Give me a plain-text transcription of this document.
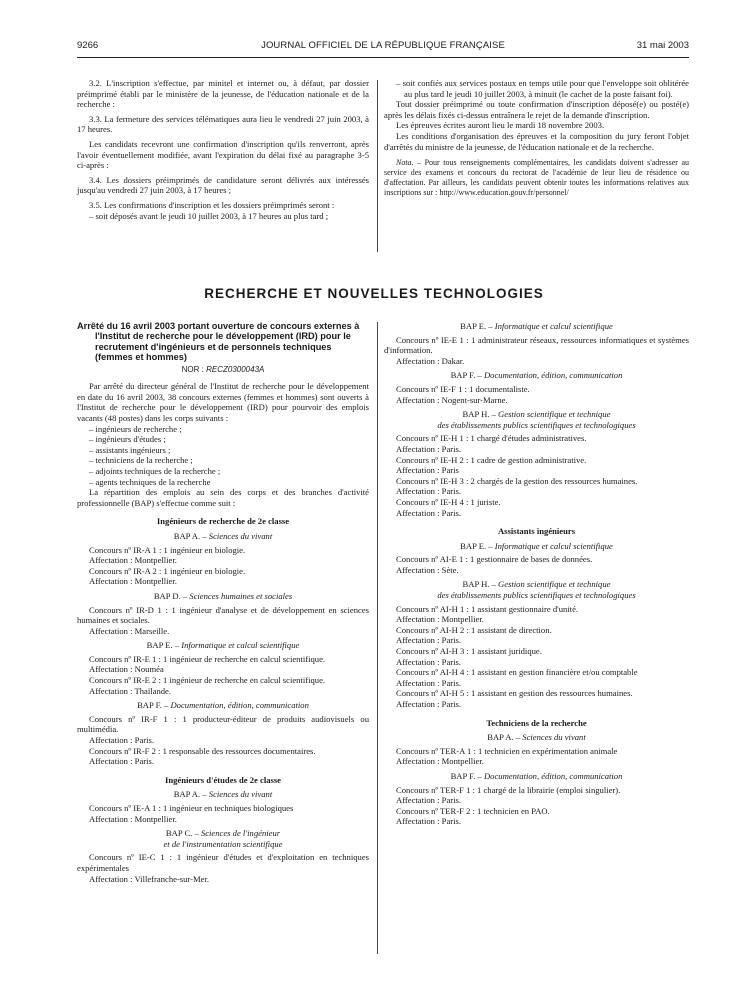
JOURNAL OFFICIEL DE LA RÉPUBLIQUE FRANÇAISE
9266	31 mai 2003

3.2. L'inscription s'effectue, par minitel et internet ou, à défaut, par dossier préimprimé établi par le ministère de la jeunesse, de l'éducation nationale et de la recherche :

3.3. La fermeture des services télématiques aura lieu le vendredi 27 juin 2003, à 17 heures.

Les candidats recevront une confirmation d'inscription qu'ils renverront, après l'avoir éventuellement modifiée, avant l'expiration du délai fixé au paragraphe 3-5 ci-après :

3.4. Les dossiers préimprimés de candidature seront délivrés aux intéressés jusqu'au vendredi 27 juin 2003, à 17 heures ;

3.5. Les confirmations d'inscription et les dossiers préimprimés seront :

– soit déposés avant le jeudi 10 juillet 2003, à 17 heures au plus tard ;

– soit confiés aux services postaux en temps utile pour que l'enveloppe soit oblitérée au plus tard le jeudi 10 juillet 2003, à minuit (le cachet de la poste faisant foi).

Tout dossier préimprimé ou toute confirmation d'inscription déposé(e) ou posté(e) après les délais fixés ci-dessus entraînera le rejet de la demande d'inscription.

Les épreuves écrites auront lieu le mardi 18 novembre 2003.

Les conditions d'organisation des épreuves et la composition du jury feront l'objet d'arrêtés du ministre de la jeunesse, de l'éducation nationale et de la recherche.

Nota. – Pour tous renseignements complémentaires, les candidats doivent s'adresser au service des examens et concours du rectorat de l'académie de leur lieu de résidence ou d'affectation. Par ailleurs, les candidats peuvent obtenir toutes les informations relatives aux inscriptions sur : http://www.education.gouv.fr/personnel/

RECHERCHE ET NOUVELLES TECHNOLOGIES

Arrêté du 16 avril 2003 portant ouverture de concours externes à l'Institut de recherche pour le développement (IRD) pour le recrutement d'ingénieurs et de personnels techniques (femmes et hommes)

NOR : RECZ0300043A

Par arrêté du directeur général de l'Institut de recherche pour le développement en date du 16 avril 2003, 38 concours externes (femmes et hommes) sont ouverts à l'Institut de recherche pour le développement (IRD) pour pourvoir des emplois vacants (48 postes) dans les corps suivants :

– ingénieurs de recherche ;

– ingénieurs d'études ;

– assistants ingénieurs ;

– techniciens de la recherche ;

– adjoints techniques de la recherche ;

– agents techniques de la recherche

La répartition des emplois au sein des corps et des branches d'activité professionnelle (BAP) s'effectue comme suit :

Ingénieurs de recherche de 2e classe

BAP A. – Sciences du vivant

Concours nº IR-A 1 : 1 ingénieur en biologie.

Affectation : Montpellier.

Concours nº IR-A 2 : 1 ingénieur en biologie.

Affectation : Montpellier.

BAP D. – Sciences humaines et sociales

Concours nº IR-D 1 : 1 ingénieur d'analyse et de développement en sciences humaines et sociales.

Affectation : Marseille.

BAP E. – Informatique et calcul scientifique

Concours nº IR-E 1 : 1 ingénieur de recherche en calcul scientifique.

Affectation : Nouméa

Concours nº IR-E 2 : 1 ingénieur de recherche en calcul scientifique.

Affectation : Thaïlande.

BAP F. – Documentation, édition, communication

Concours nº IR-F 1 : 1 producteur-éditeur de produits audiovisuels ou multimédia.

Affectation : Paris.

Concours nº IR-F 2 : 1 responsable des ressources documentaires.

Affectation : Paris.

Ingénieurs d'études de 2e classe

BAP A. – Sciences du vivant

Concours nº IE-A 1 : 1 ingénieur en techniques biologiques

Affectation : Montpellier.

BAP C. – Sciences de l'ingénieur

et de l'instrumentation scientifique

Concours nº IE-C 1 : 1 ingénieur d'études et d'exploitation en techniques expérimentales

Affectation : Villefranche-sur-Mer.

BAP E. – Informatique et calcul scientifique

Concours nº IE-E 1 : 1 administrateur réseaux, ressources informatiques et systèmes d'information.

Affectation : Dakar.

BAP F. – Documentation, édition, communication

Concours nº IE-F 1 : 1 documentaliste.

Affectation : Nogent-sur-Marne.

BAP H. – Gestion scientifique et technique

des établissements publics scientifiques et technologiques

Concours nº IE-H 1 : 1 chargé d'études administratives.

Affectation : Paris.

Concours nº IE-H 2 : 1 cadre de gestion administrative.

Affectation : Paris

Concours nº IE-H 3 : 2 chargés de la gestion des ressources humaines.

Affectation : Paris.

Concours nº IE-H 4 : 1 juriste.

Affectation : Paris.

Assistants ingénieurs

BAP E. – Informatique et calcul scientifique

Concours nº AI-E 1 : 1 gestionnaire de bases de données.

Affectation : Sète.

BAP H. – Gestion scientifique et technique

des établissements publics scientifiques et technologiques

Concours nº AI-H 1 : 1 assistant gestionnaire d'unité.

Affectation : Montpellier.

Concours nº AI-H 2 : 1 assistant de direction.

Affectation : Paris.

Concours nº AI-H 3 : 1 assistant juridique.

Affectation : Paris.

Concours nº AI-H 4 : 1 assistant en gestion financière et/ou comptable

Affectation : Paris.

Concours nº AI-H 5 : 1 assistant en gestion des ressources humaines.

Affectation : Paris.

Techniciens de la recherche

BAP A. – Sciences du vivant

Concours nº TER-A 1 : 1 technicien en expérimentation animale

Affectation : Montpellier.

BAP F. – Documentation, édition, communication

Concours nº TER-F 1 : 1 chargé de la librairie (emploi singulier).

Affectation : Paris.

Concours nº TER-F 2 : 1 technicien en PAO.

Affectation : Paris.
